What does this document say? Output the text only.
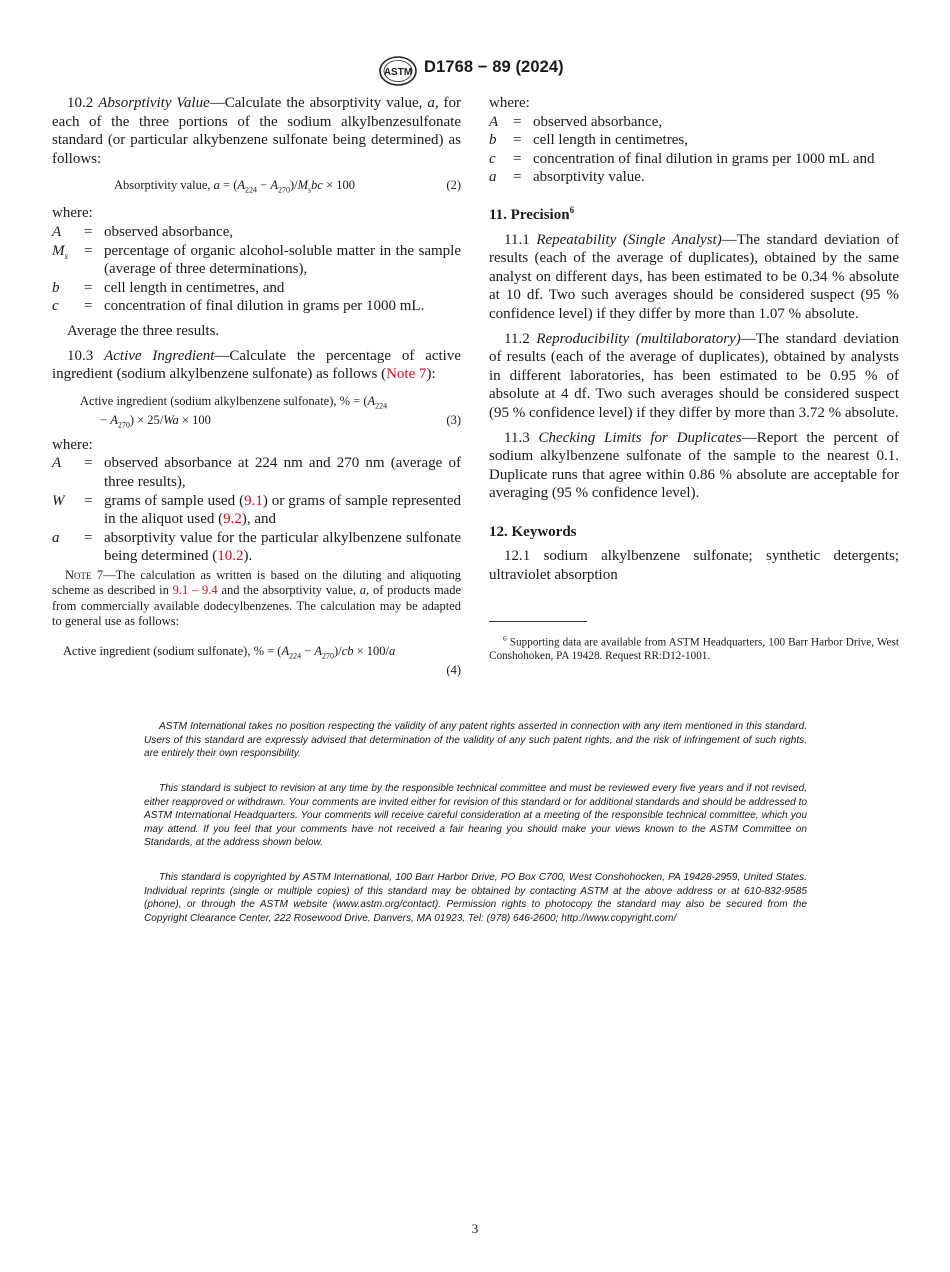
ASTM D1768 − 89 (2024)

10.2 Absorptivity Value—Calculate the absorptivity value, a, for each of the three portions of the sodium alkylbenzesulfonate standard (or particular alkybenzene sulfonate being determined) as follows:

Absorptivity value, $a = (A_{224} - A_{270})/M_sbc \times 100$	(2)

where:

A	= observed absorbance,
$M_s$	= percentage of organic alcohol-soluble matter in the sample (average of three determinations),
b	= cell length in centimetres, and
c	= concentration of final dilution in grams per 1000 mL.

Average the three results.

10.3 Active Ingredient—Calculate the percentage of active ingredient (sodium alkylbenzene sulfonate) as follows (Note 7):

Active ingredient (sodium alkylbenzene sulfonate), % = ($A_{224}$
− $A_{270}) \times 25/Wa \times 100$	(3)

where:

A	= observed absorbance at 224 nm and 270 nm (average of three results),
W	= grams of sample used (9.1) or grams of sample represented in the aliquot used (9.2), and
a	= absorptivity value for the particular alkylbenzene sulfonate being determined (10.2).

Note 7—The calculation as written is based on the diluting and aliquoting scheme as described in 9.1 – 9.4 and the absorptivity value, a, of products made from commercially available dodecylbenzenes. The calculation may be adapted to general use as follows:

Active ingredient (sodium sulfonate), % = $(A_{224} - A_{270})/cb \times 100/a$
(4)

where:

A = observed absorbance,
b	= cell length in centimetres,
c	= concentration of final dilution in grams per 1000 mL and
a	= absorptivity value.

11. Precision$^6$

11.1 Repeatability (Single Analyst)—The standard deviation of results (each of the average of duplicates), obtained by the same analyst on different days, has been estimated to be 0.34 % absolute at 10 df. Two such averages should be considered suspect (95 % confidence level) if they differ by more than 1.07 % absolute.

11.2 Reproducibility (multilaboratory)—The standard deviation of results (each of the average of duplicates), obtained by analysts in different laboratories, has been estimated to be 0.95 % of absolute at 4 df. Two such averages should be considered suspect (95 % confidence level) if they differ by more than 3.72 % absolute.

11.3 Checking Limits for Duplicates—Report the percent of sodium alkylbenzene sulfonate of the sample to the nearest 0.1. Duplicate runs that agree within 0.86 % absolute are acceptable for averaging (95 % confidence level).

12. Keywords

12.1 sodium alkylbenzene sulfonate; synthetic detergents; ultraviolet absorption

$^6$ Supporting data are available from ASTM Headquarters, 100 Barr Harbor Drive, West Conshohoken, PA 19428. Request RR:D12-1001.

ASTM International takes no position respecting the validity of any patent rights asserted in connection with any item mentioned in this standard. Users of this standard are expressly advised that determination of the validity of any such patent rights, and the risk of infringement of such rights, are entirely their own responsibility.

This standard is subject to revision at any time by the responsible technical committee and must be reviewed every five years and if not revised, either reapproved or withdrawn. Your comments are invited either for revision of this standard or for additional standards and should be addressed to ASTM International Headquarters. Your comments will receive careful consideration at a meeting of the responsible technical committee, which you may attend. If you feel that your comments have not received a fair hearing you should make your views known to the ASTM Committee on Standards, at the address shown below.

This standard is copyrighted by ASTM International, 100 Barr Harbor Drive, PO Box C700, West Conshohocken, PA 19428-2959, United States. Individual reprints (single or multiple copies) of this standard may be obtained by contacting ASTM at the above address or at 610-832-9585 (phone), or through the ASTM website (www.astm.org/contact). Permission rights to photocopy the standard may also be secured from the Copyright Clearance Center, 222 Rosewood Drive, Danvers, MA 01923, Tel: (978) 646-2600; http://www.copyright.com/

3
